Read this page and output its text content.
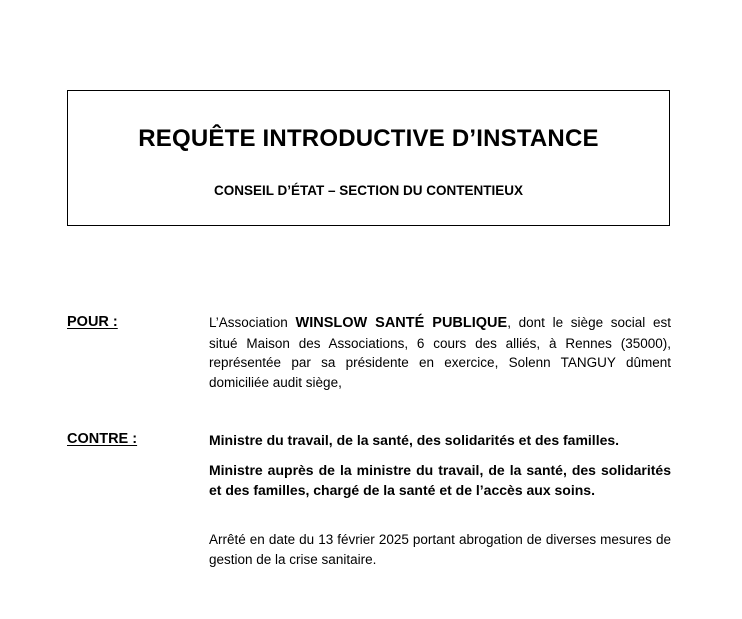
REQUÊTE INTRODUCTIVE D’INSTANCE
CONSEIL D’ÉTAT – SECTION DU CONTENTIEUX
POUR :	L’Association WINSLOW SANTÉ PUBLIQUE, dont le siège social est situé Maison des Associations, 6 cours des alliés, à Rennes (35000), représentée par sa présidente en exercice, Solenn TANGUY dûment domiciliée audit siège,

CONTRE :	Ministre du travail, de la santé, des solidarités et des familles.

Ministre auprès de la ministre du travail, de la santé, des solidarités et des familles, chargé de la santé et de l’accès aux soins.

Arrêté en date du 13 février 2025 portant abrogation de diverses mesures de gestion de la crise sanitaire.
